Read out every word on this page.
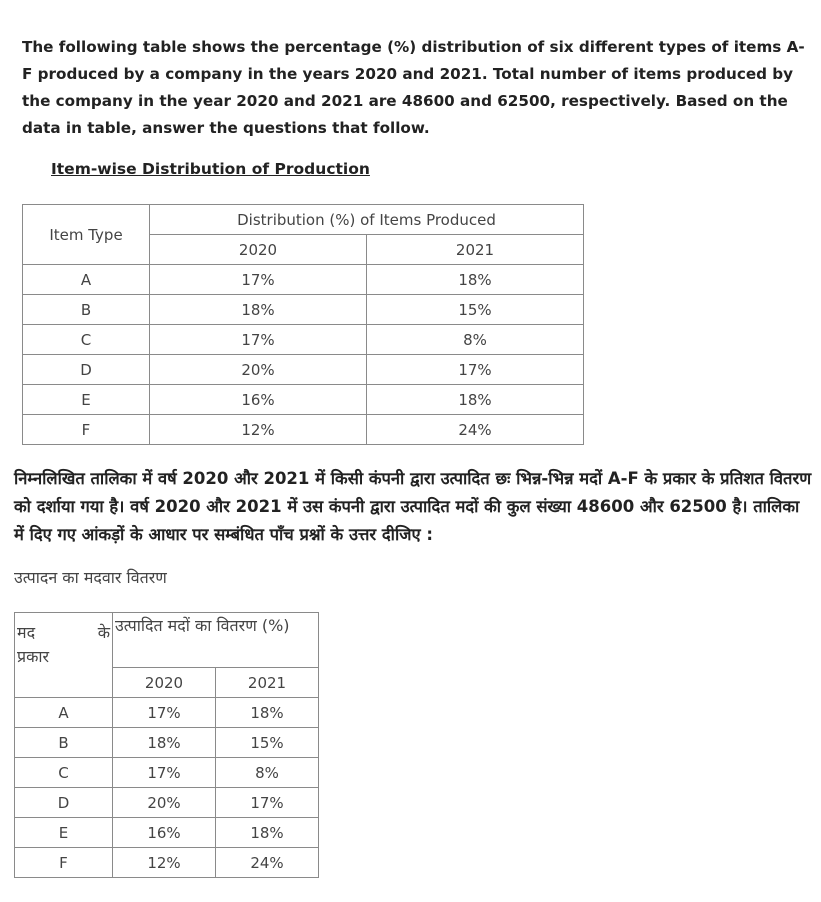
The following table shows the percentage (%) distribution of six different types of items A-F produced by a company in the years 2020 and 2021. Total number of items produced by the company in the year 2020 and 2021 are 48600 and 62500, respectively. Based on the data in table, answer the questions that follow.

Item-wise Distribution of Production

Item Type	Distribution (%) of Items Produced	
	2020	2021
A	17%	18%
B	18%	15%
C	17%	8%
D	20%	17%
E	16%	18%
F	12%	24%

निम्नलिखित तालिका में वर्ष 2020 और 2021 में किसी कंपनी द्वारा उत्पादित छः भिन्न-भिन्न मदों A-F के प्रकार के प्रतिशत वितरण को दर्शाया गया है। वर्ष 2020 और 2021 में उस कंपनी द्वारा उत्पादित मदों की कुल संख्या 48600 और 62500 है। तालिका में दिए गए आंकड़ों के आधार पर सम्बंधित पाँच प्रश्नों के उत्तर दीजिए :

उत्पादन का मदवार वितरण

मद के

प्रकार	उत्पादित मदों का वितरण (%)	
	2020	2021
A	17%	18%
B	18%	15%
C	17%	8%
D	20%	17%
E	16%	18%
F	12%	24%
